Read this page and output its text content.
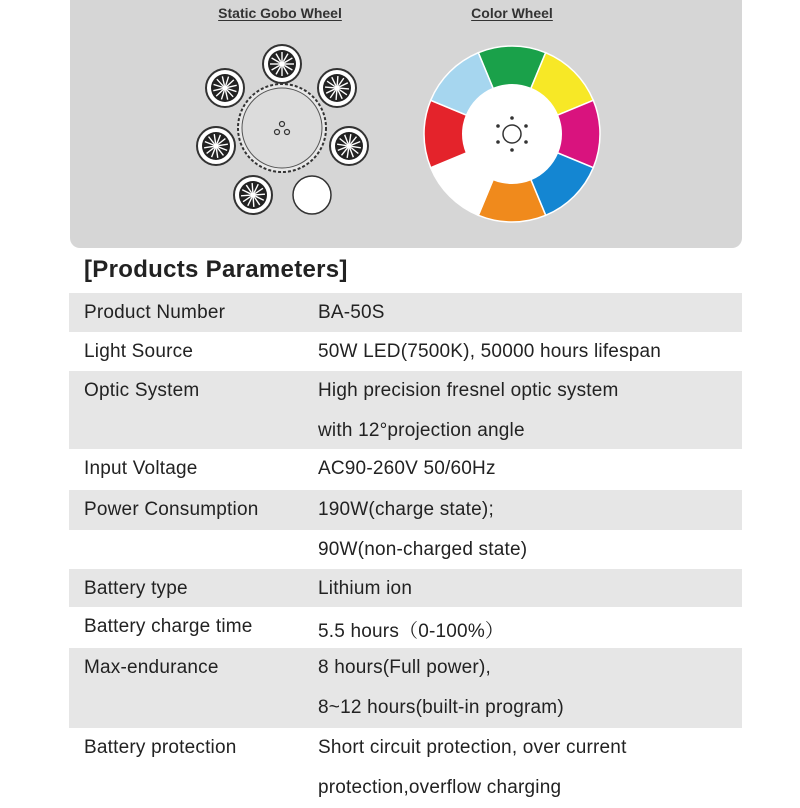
Static Gobo Wheel	Color Wheel
[Products Parameters]
Product Number	BA-50S
Light Source	50W LED(7500K), 50000 hours lifespan
Optic System	High precision fresnel optic system
with 12°projection angle
Input Voltage	AC90-260V 50/60Hz
Power Consumption	190W(charge state);
90W(non-charged state)
Battery type	Lithium ion
Battery charge time	5.5 hours（0-100%）
Max-endurance	8 hours(Full power),
8~12 hours(built-in program)
Battery protection	Short circuit protection, over current
protection,overflow charging
